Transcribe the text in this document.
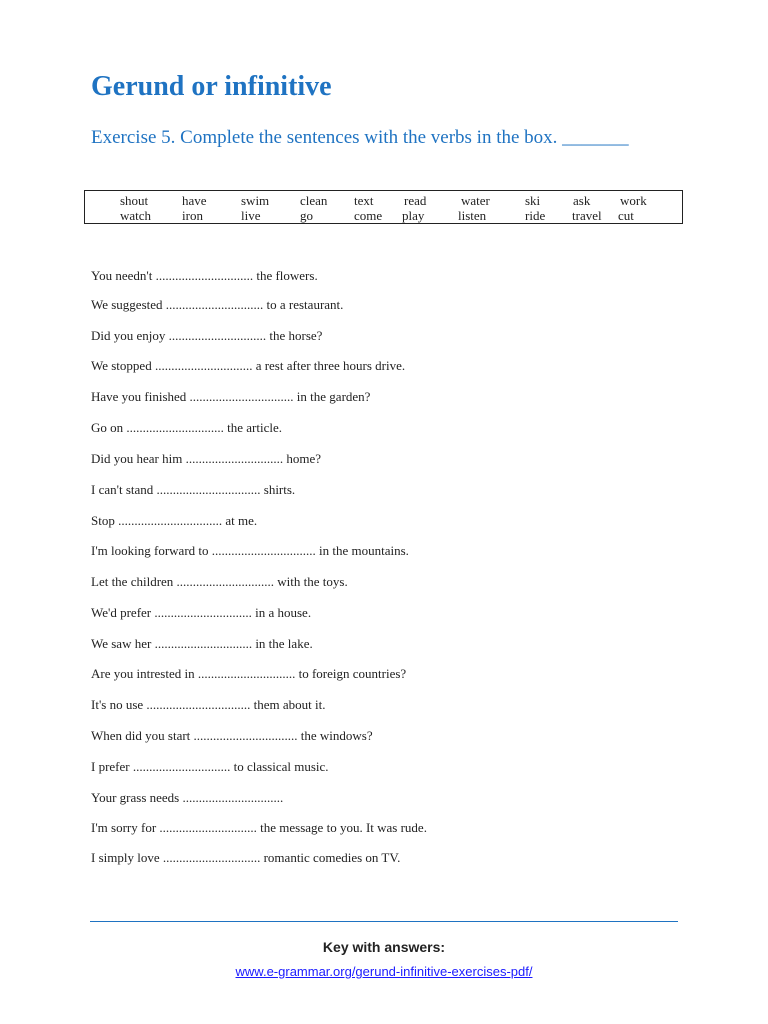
Gerund or infinitive
Exercise 5. Complete the sentences with the verbs in the box. _______
shout	have	swim clean text read	water	ski	ask work
watch iron	live	go	come play	listen	ride travel cut
You needn't .............................. the flowers.
We suggested .............................. to a restaurant.
Did you enjoy .............................. the horse?
We stopped .............................. a rest after three hours drive.
Have you finished ................................ in the garden?
Go on .............................. the article.
Did you hear him .............................. home?
I can't stand ................................ shirts.
Stop ................................ at me.
I'm looking forward to ................................ in the mountains.
Let the children .............................. with the toys.
We'd prefer .............................. in a house.
We saw her .............................. in the lake.
Are you intrested in .............................. to foreign countries?
It's no use ................................ them about it.
When did you start ................................ the windows?
I prefer .............................. to classical music.
Your grass needs ...............................
I'm sorry for .............................. the message to you. It was rude.
I simply love .............................. romantic comedies on TV.
Key with answers:
www.e-grammar.org/gerund-infinitive-exercises-pdf/
